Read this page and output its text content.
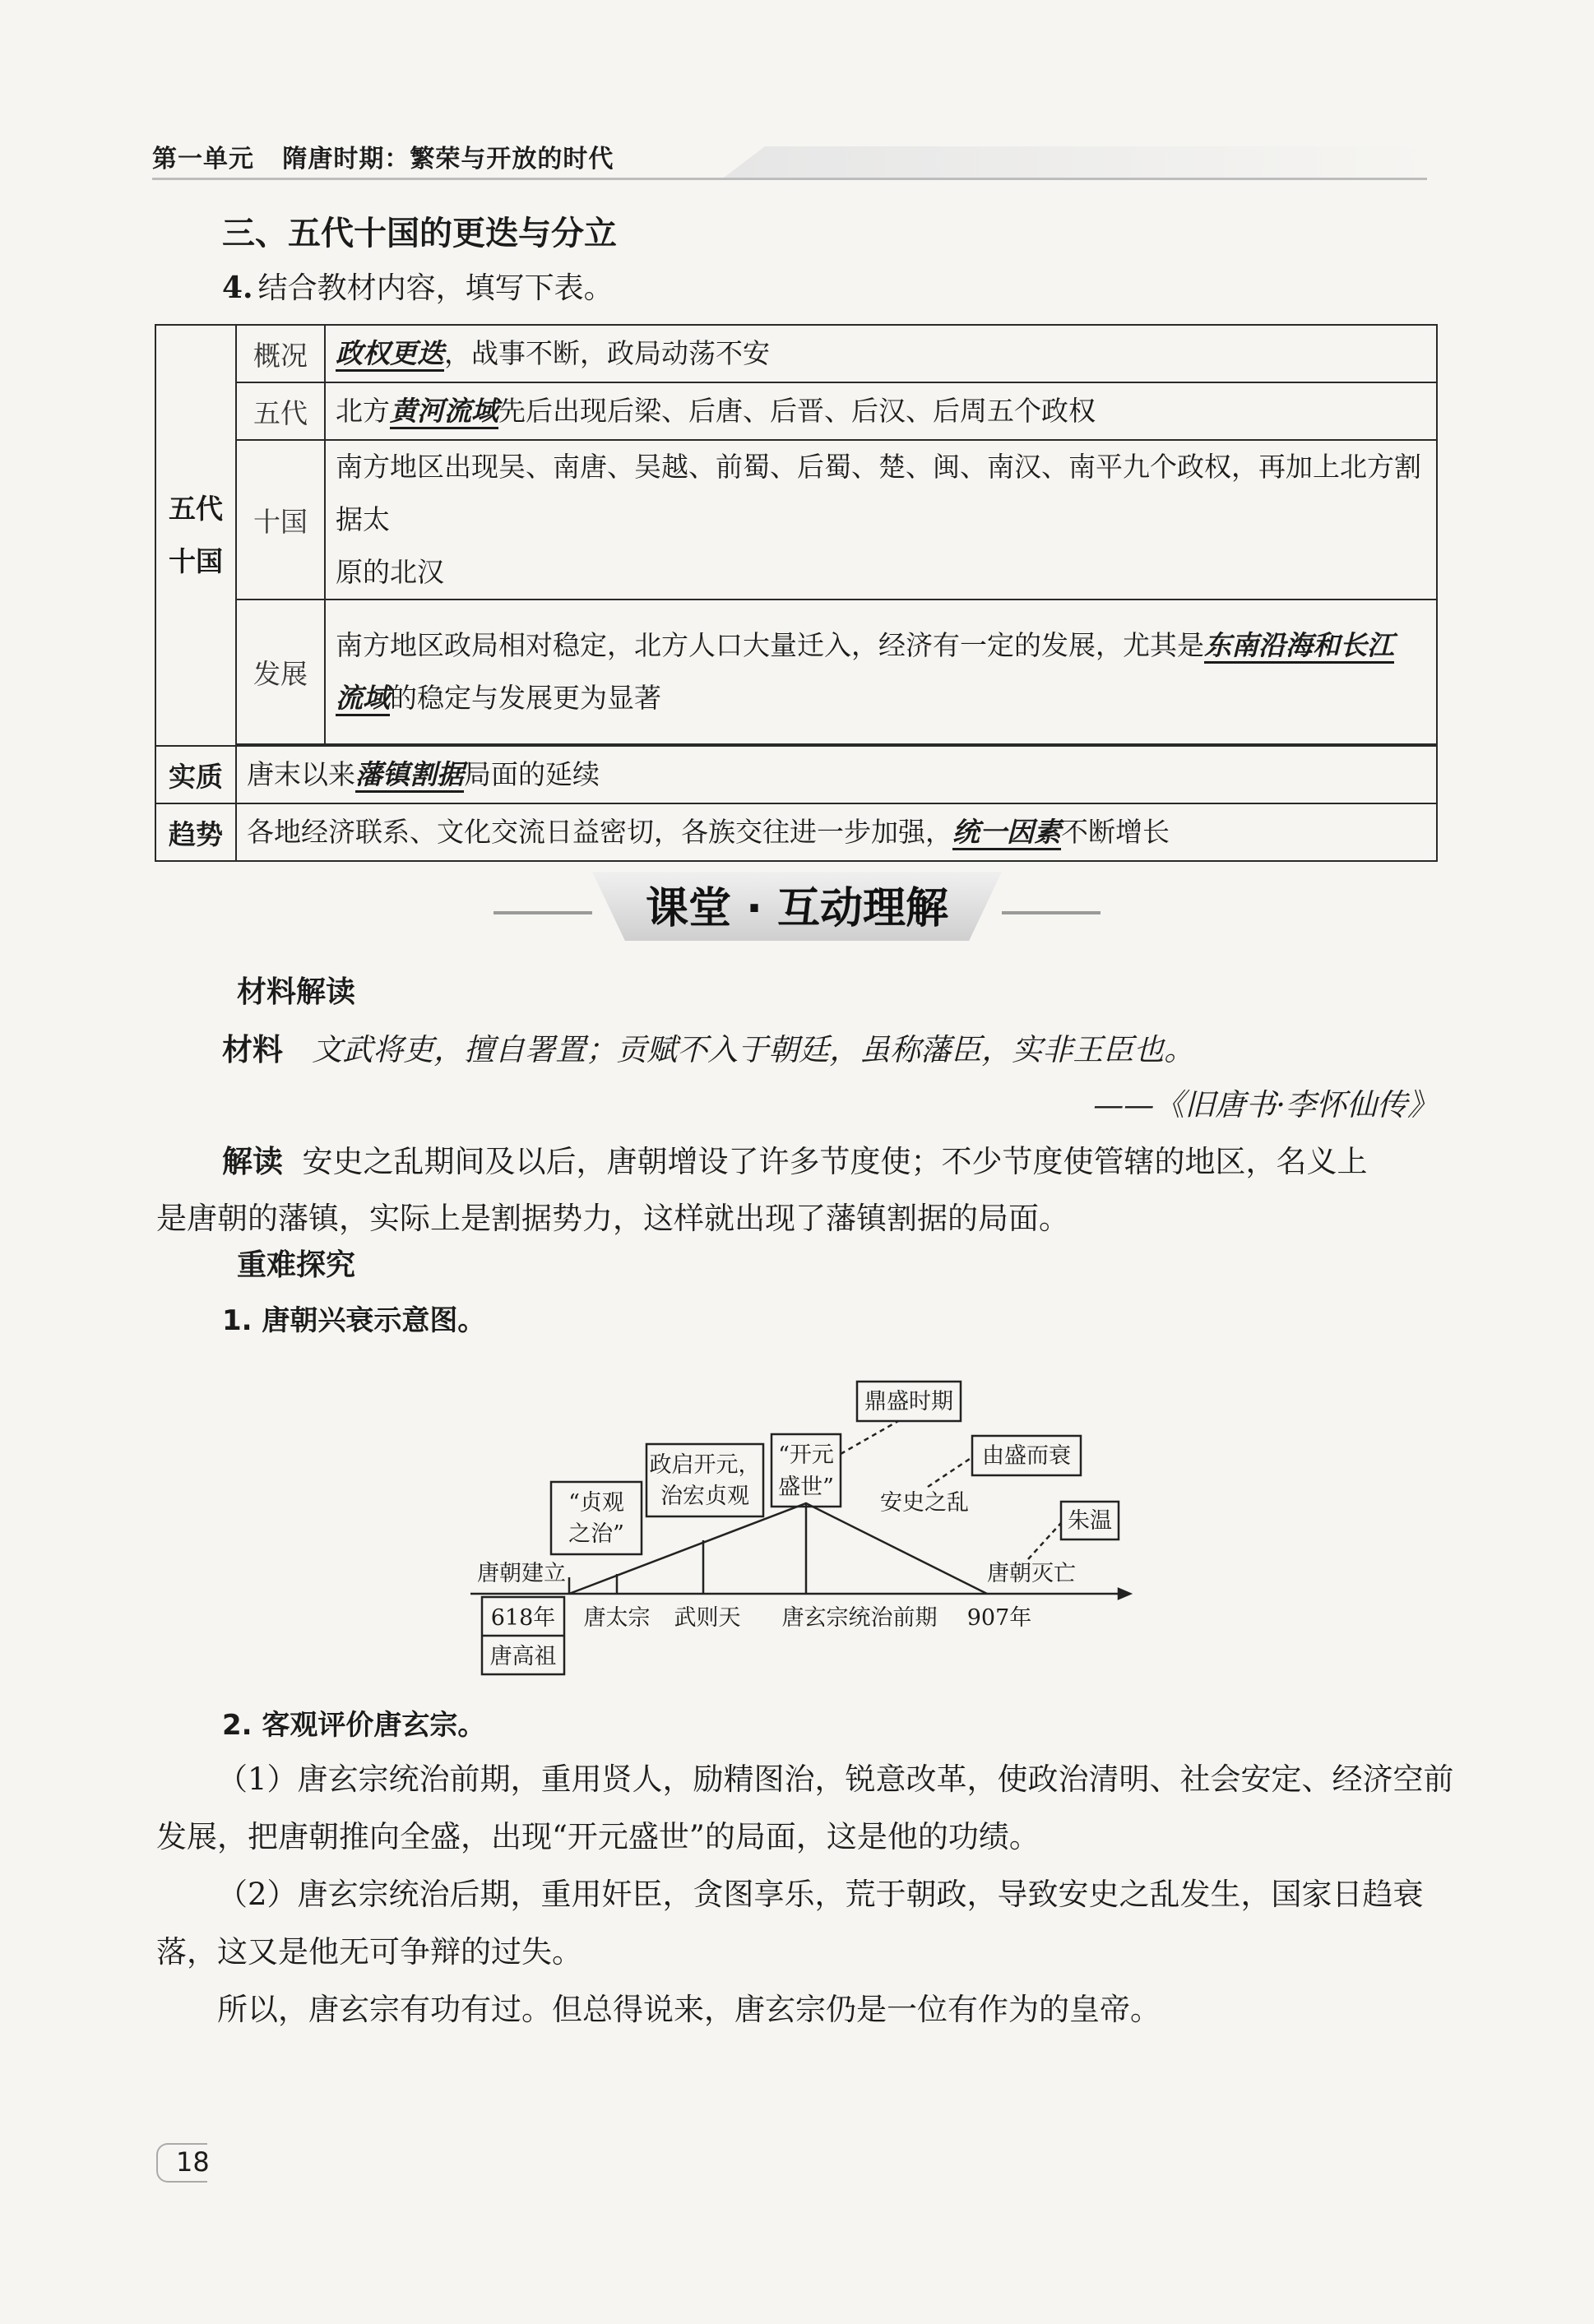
第一单元 隋唐时期：繁荣与开放的时代
三、五代十国的更迭与分立
4. 结合教材内容，填写下表。
五代
十国	概况	政权更迭，战事不断，政局动荡不安
	五代	北方黄河流域先后出现后梁、后唐、后晋、后汉、后周五个政权
	十国	南方地区出现吴、南唐、吴越、前蜀、后蜀、楚、闽、南汉、南平九个政权，再加上北方割据太
原的北汉
	发展	南方地区政局相对稳定，北方人口大量迁入，经济有一定的发展，尤其是东南沿海和长江
流域的稳定与发展更为显著

实质	唐末以来藩镇割据局面的延续	
趋势	各地经济联系、文化交流日益密切，各族交往进一步加强，统一因素不断增长	
课堂 · 互动理解
材料解读
材料 文武将吏，擅自署置；贡赋不入于朝廷，虽称藩臣，实非王臣也。
——《旧唐书·李怀仙传》
解读 安史之乱期间及以后，唐朝增设了许多节度使；不少节度使管辖的地区，名义上
是唐朝的藩镇，实际上是割据势力，这样就出现了藩镇割据的局面。
重难探究
1. 唐朝兴衰示意图。
鼎盛时期
“开元
盛世”
政启开元，
治宏贞观
“贞观
之治”
由盛而衰
朱温
安史之乱
唐朝建立	唐朝灭亡
618年
唐高祖
唐太宗 武则天 唐玄宗统治前期 907年
2. 客观评价唐玄宗。
（1）唐玄宗统治前期，重用贤人，励精图治，锐意改革，使政治清明、社会安定、经济空前
发展，把唐朝推向全盛，出现“开元盛世”的局面，这是他的功绩。
（2）唐玄宗统治后期，重用奸臣，贪图享乐，荒于朝政，导致安史之乱发生，国家日趋衰
落，这又是他无可争辩的过失。
所以，唐玄宗有功有过。但总得说来，唐玄宗仍是一位有作为的皇帝。
18
